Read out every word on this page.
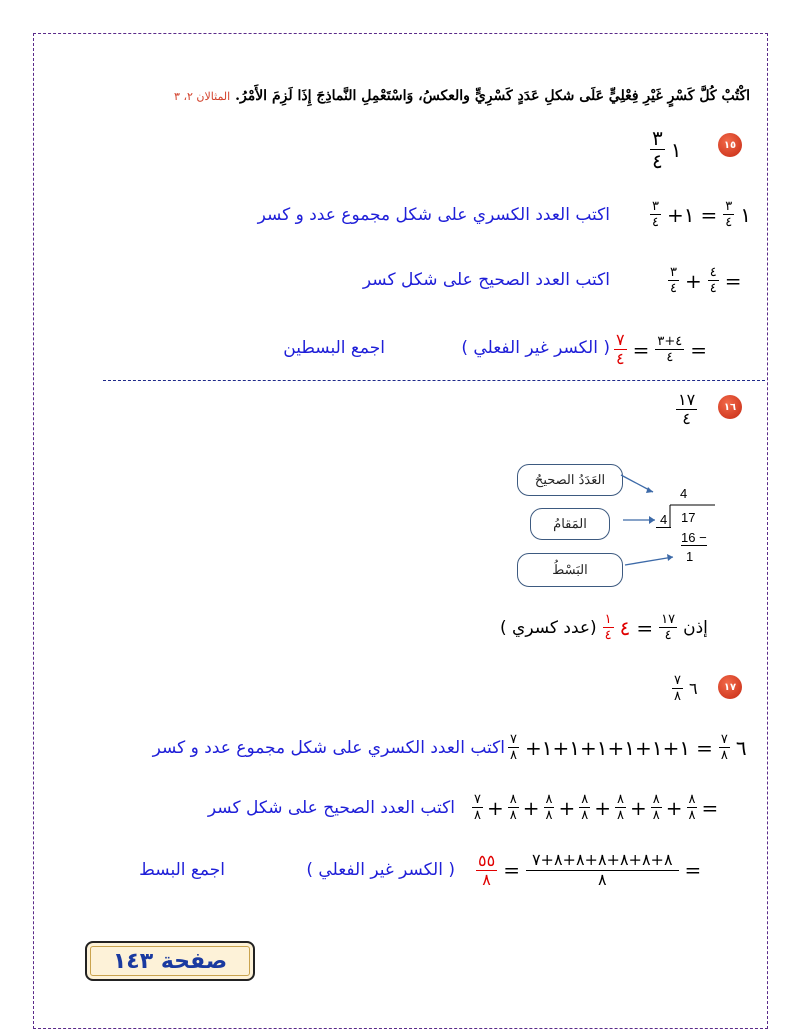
اكْتُبْ كُلَّ كَسْرٍ غَيْرِ فِعْلِيٍّ عَلَى شكلِ عَدَدٍ كَسْرِيٍّ والعكسُ، وَاسْتَعْمِلِ النَّماذِجَ إِذَا لَزِمَ الأَمْرُ. المثالان ٢، ٣
١٥
$\frac{٣}{٤}$ ١
١
$\frac{٣}{٤}$
=
١+
$\frac{٣}{٤}$
اكتب العدد الكسري على شكل مجموع عدد و كسر
=
$\frac{٤}{٤}$
+
$\frac{٣}{٤}$
اكتب العدد الصحيح على شكل كسر
=
$\frac{٤+٣}{٤}$
=
$\frac{٧}{٤}$
( الكسر غير الفعلي )
اجمع البسطين
١٦
$\frac{١٧}{٤}$
العَدَدُ الصحيحُ
المَقامُ
البَسْطُ
4
4	17
16 −
1
إذن
$\frac{١٧}{٤}$
=
٤
$\frac{١}{٤}$
(عدد كسري )
١٧
$\frac{٧}{٨}$ ٦
٦
$\frac{٧}{٨}$
=
١+١+١+١+١+١+
$\frac{٧}{٨}$
اكتب العدد الكسري على شكل مجموع عدد و كسر
=
$\frac{٨}{٨}$
+
$\frac{٨}{٨}$
+
$\frac{٨}{٨}$
+
$\frac{٨}{٨}$
+
$\frac{٨}{٨}$
+
$\frac{٨}{٨}$
+
$\frac{٧}{٨}$
اكتب العدد الصحيح على شكل كسر
=
$\frac{٨+٨+٨+٨+٨+٨+٧}{٨}$
=
$\frac{٥٥}{٨}$
( الكسر غير الفعلي )
اجمع البسط
صفحة ١٤٣
